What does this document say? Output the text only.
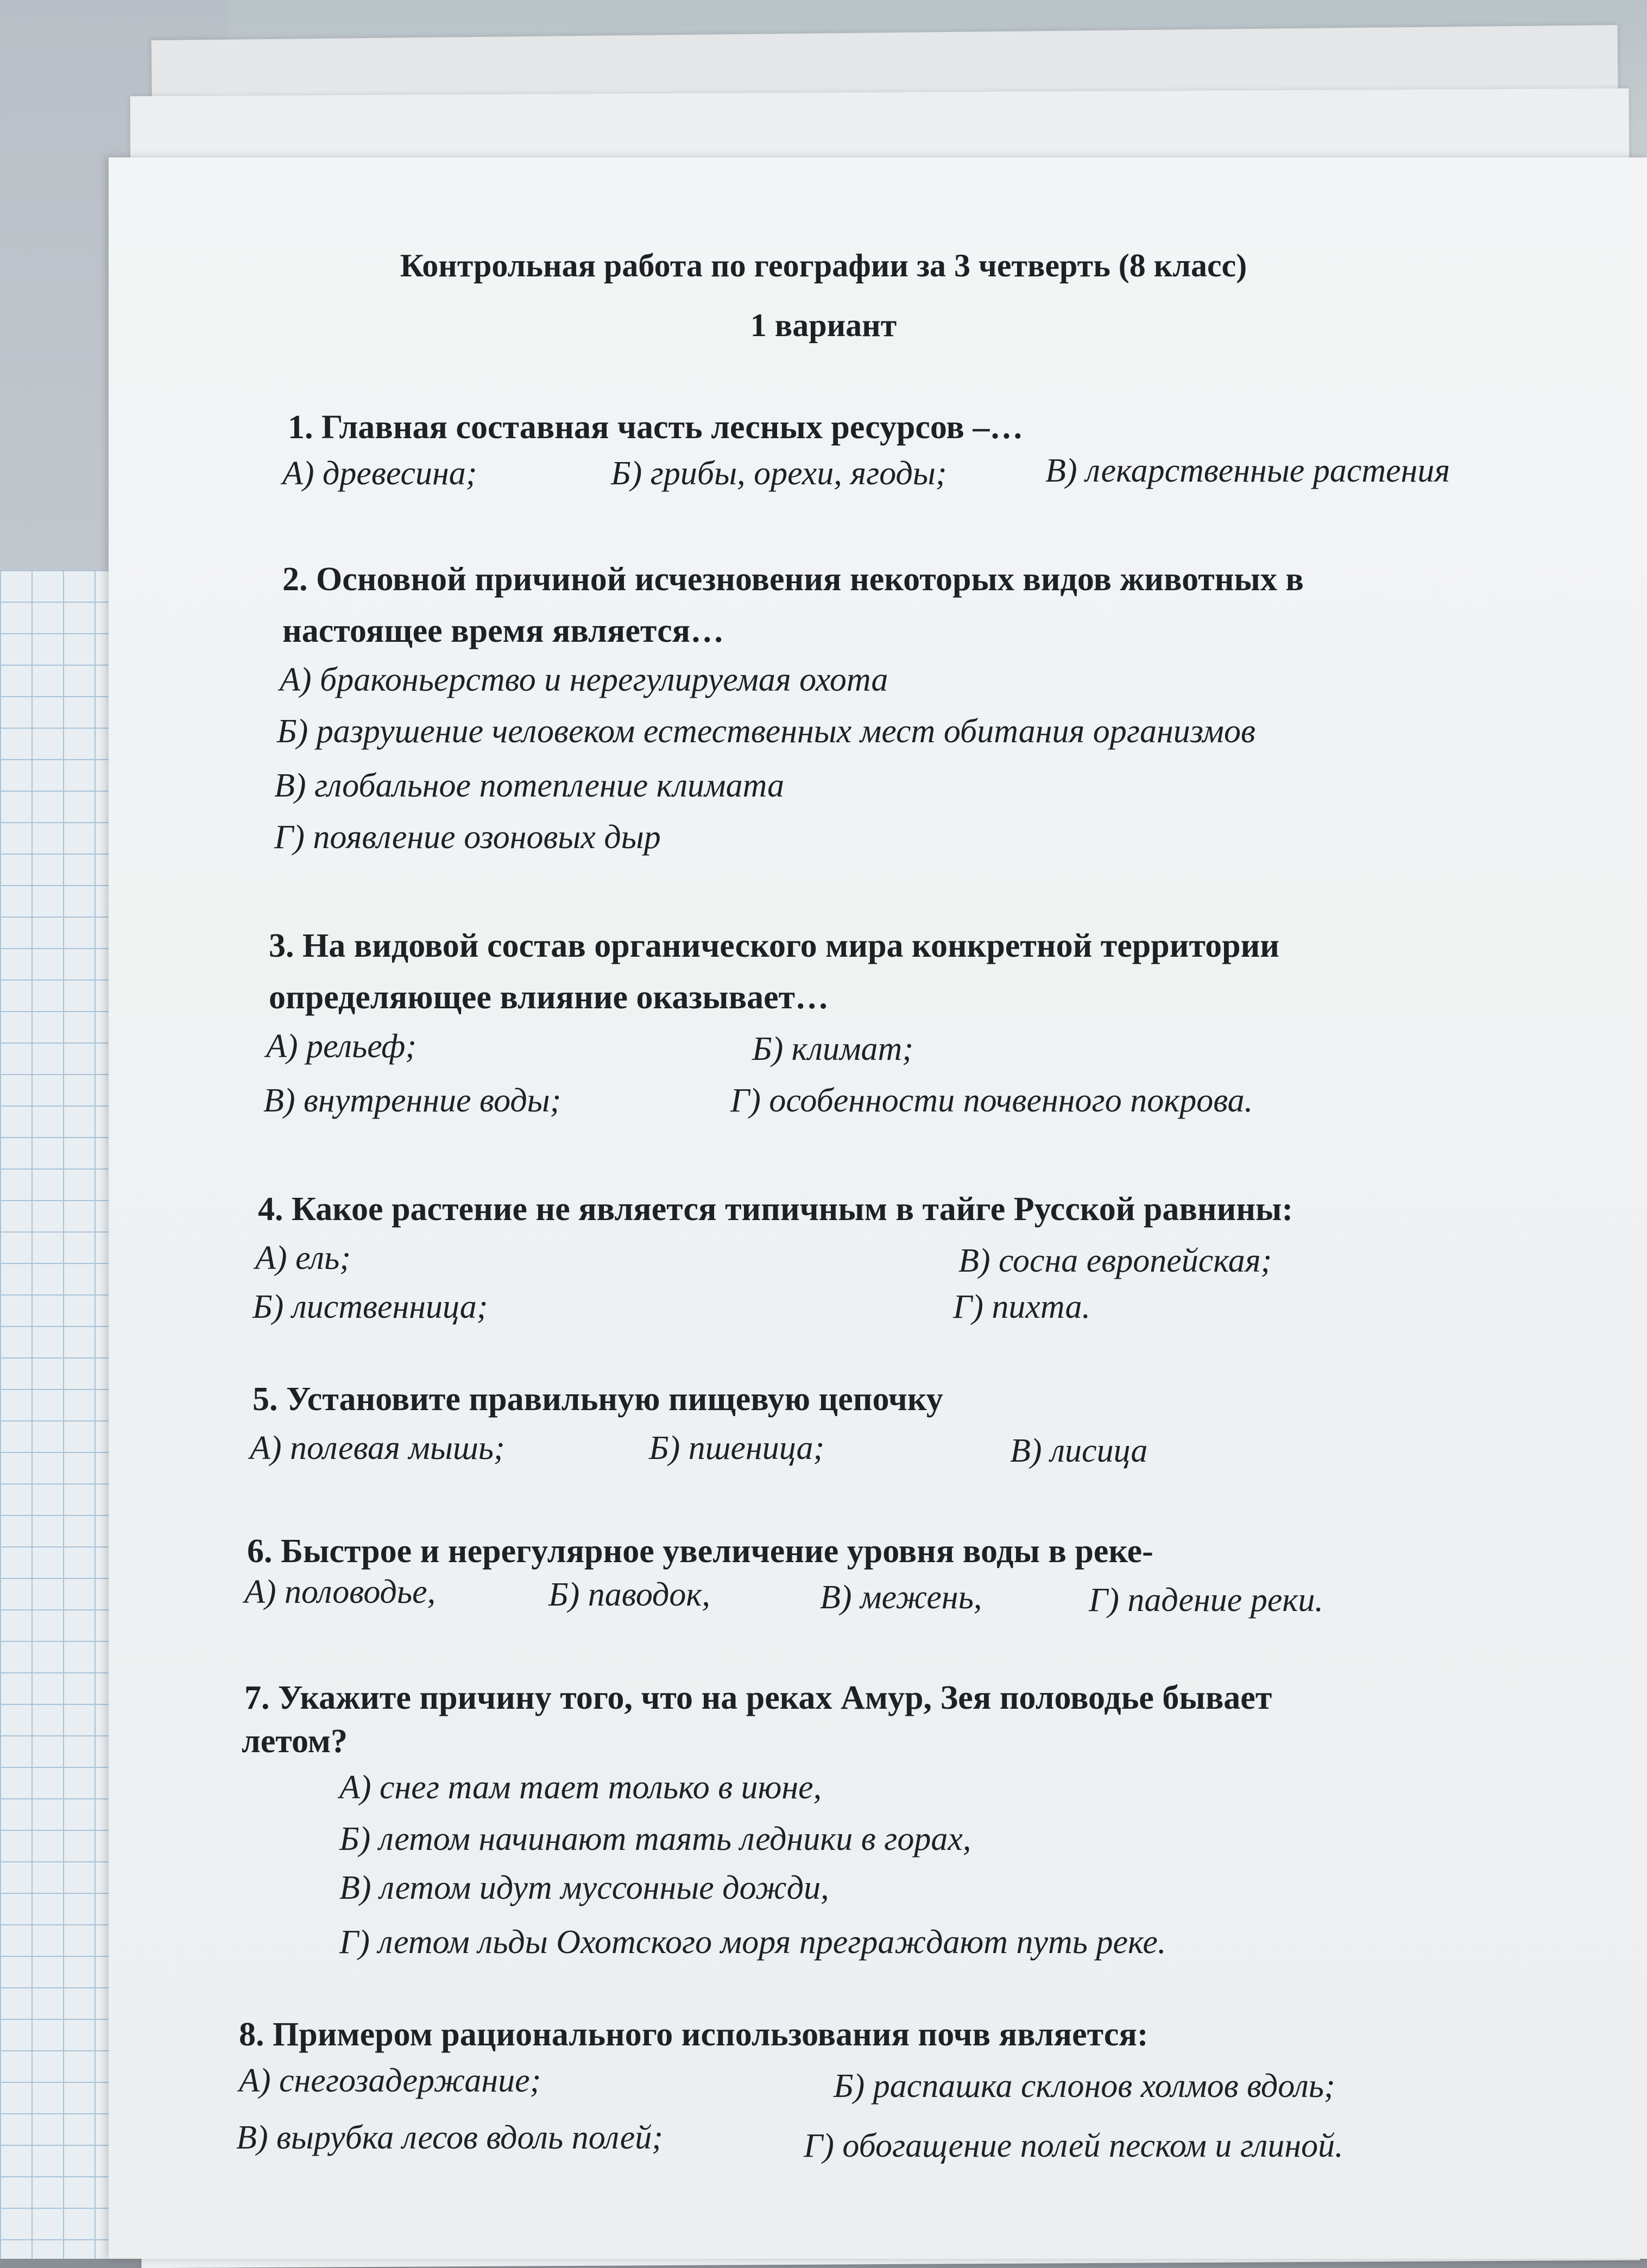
Контрольная работа по географии за 3 четверть (8 класс)
1 вариант
1. Главная составная часть лесных ресурсов –…
А) древесина;	Б) грибы, орехи, ягоды;	В) лекарственные растения
2. Основной причиной исчезновения некоторых видов животных в
настоящее время является…
А) браконьерство и нерегулируемая охота
Б) разрушение человеком естественных мест обитания организмов
В) глобальное потепление климата
Г) появление озоновых дыр
3. На видовой состав органического мира конкретной территории
определяющее влияние оказывает…
А) рельеф;	Б) климат;
В) внутренние воды;	Г) особенности почвенного покрова.
4. Какое растение не является типичным в тайге Русской равнины:
А) ель;	В) сосна европейская;
Б) лиственница;	Г) пихта.
5. Установите правильную пищевую цепочку
А) полевая мышь;	Б) пшеница;	В) лисица
6. Быстрое и нерегулярное увеличение уровня воды в реке-
А) половодье,	Б) паводок,	В) межень,	Г) падение реки.
7. Укажите причину того, что на реках Амур, Зея половодье бывает
летом?
А) снег там тает только в июне,
Б) летом начинают таять ледники в горах,
В) летом идут муссонные дожди,
Г) летом льды Охотского моря преграждают путь реке.
8. Примером рационального использования почв является:
А) снегозадержание;	Б) распашка склонов холмов вдоль;
В) вырубка лесов вдоль полей;	Г) обогащение полей песком и глиной.
